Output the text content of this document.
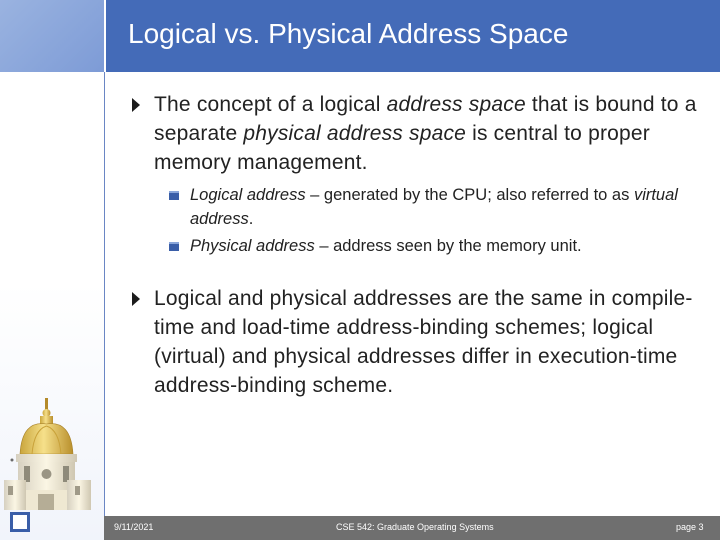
Logical vs. Physical Address Space
The concept of a logical address space that is bound to a separate physical address space is central to proper memory management.
Logical address – generated by the CPU; also referred to as virtual address.
Physical address – address seen by the memory unit.
Logical and physical addresses are the same in compile-time and load-time address-binding schemes; logical (virtual) and physical addresses differ in execution-time address-binding scheme.
9/11/2021	CSE 542: Graduate Operating Systems	page 3
